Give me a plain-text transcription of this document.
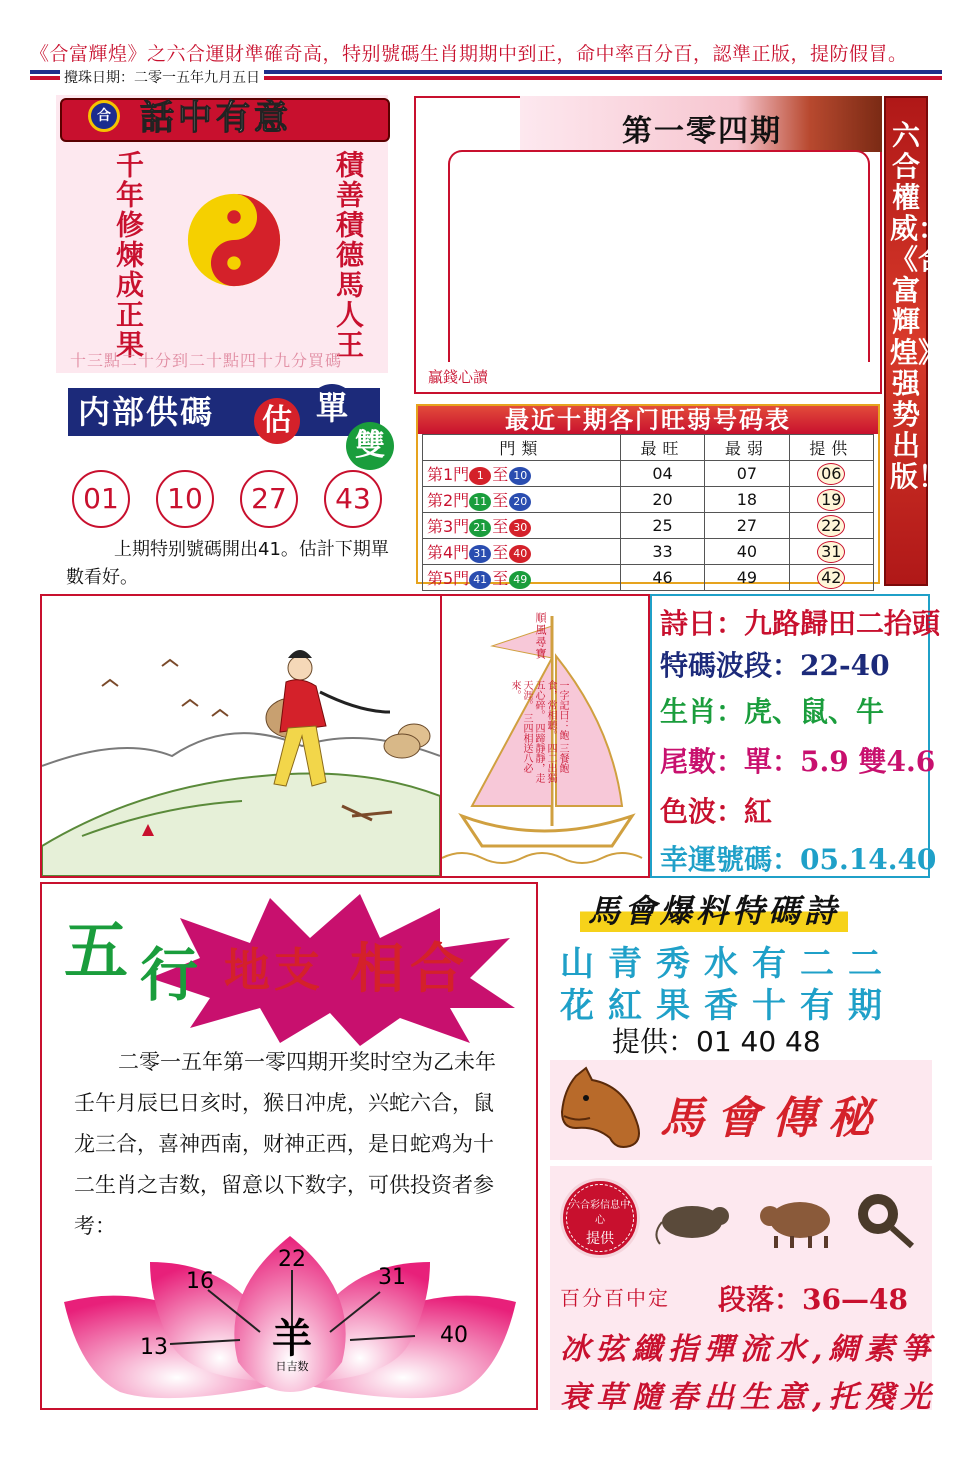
《合富輝煌》之六合運財準確奇高，特别號碼生肖期期中到正，命中率百分百，認準正版，提防假冒。
攪珠日期：二零一五年九月五日
合 話中有意
千年修煉成正果	積善積德馬人王
十三點二十分到二十點四十九分買碼
内部供碼 估 單
雙
01	10	27	43
上期特别號碼開出41。估計下期單數看好。
第一零四期
贏錢心讀
六合權威：《合富輝煌》强势出版！
最近十期各门旺弱号码表
門類	最旺	最弱	提供
第1門 1 至 10	04	07	06
第2門 11 至 20	20	18	19
第3門 21 至 30	25	27	22
第4門 31 至 40	33	40	31
第5門 41 至 49	46	49	42
順風尋寶
一字記曰：飽 三餐飽食，常相聽。 四二出獨五心碎。 四蹄靜靜，走天涯。 三四相送八必來。
詩日：九路歸田二抬頭
特碼波段：22-40
生肖：虎、鼠、牛
尾數：單：5.9 雙4.6
色波：紅
幸運號碼：05.14.40
五 行 地支 相合
二零一五年第一零四期开奖时空为乙未年壬午月辰巳日亥时，猴日冲虎，兴蛇六合，鼠龙三合，喜神西南，财神正西，是日蛇鸡为十二生肖之吉数，留意以下数字，可供投资者参考：
22
16	31
13	40
羊
日吉数
馬會爆料特碼詩
山青秀水有二二
花紅果香十有期
提供：01 40 48
馬會傳秘
六合彩信息中心
提供
百分百中定 段落：36—48
冰弦纖指彈流水,綢素箏
衰草隨春出生意,托殘光
